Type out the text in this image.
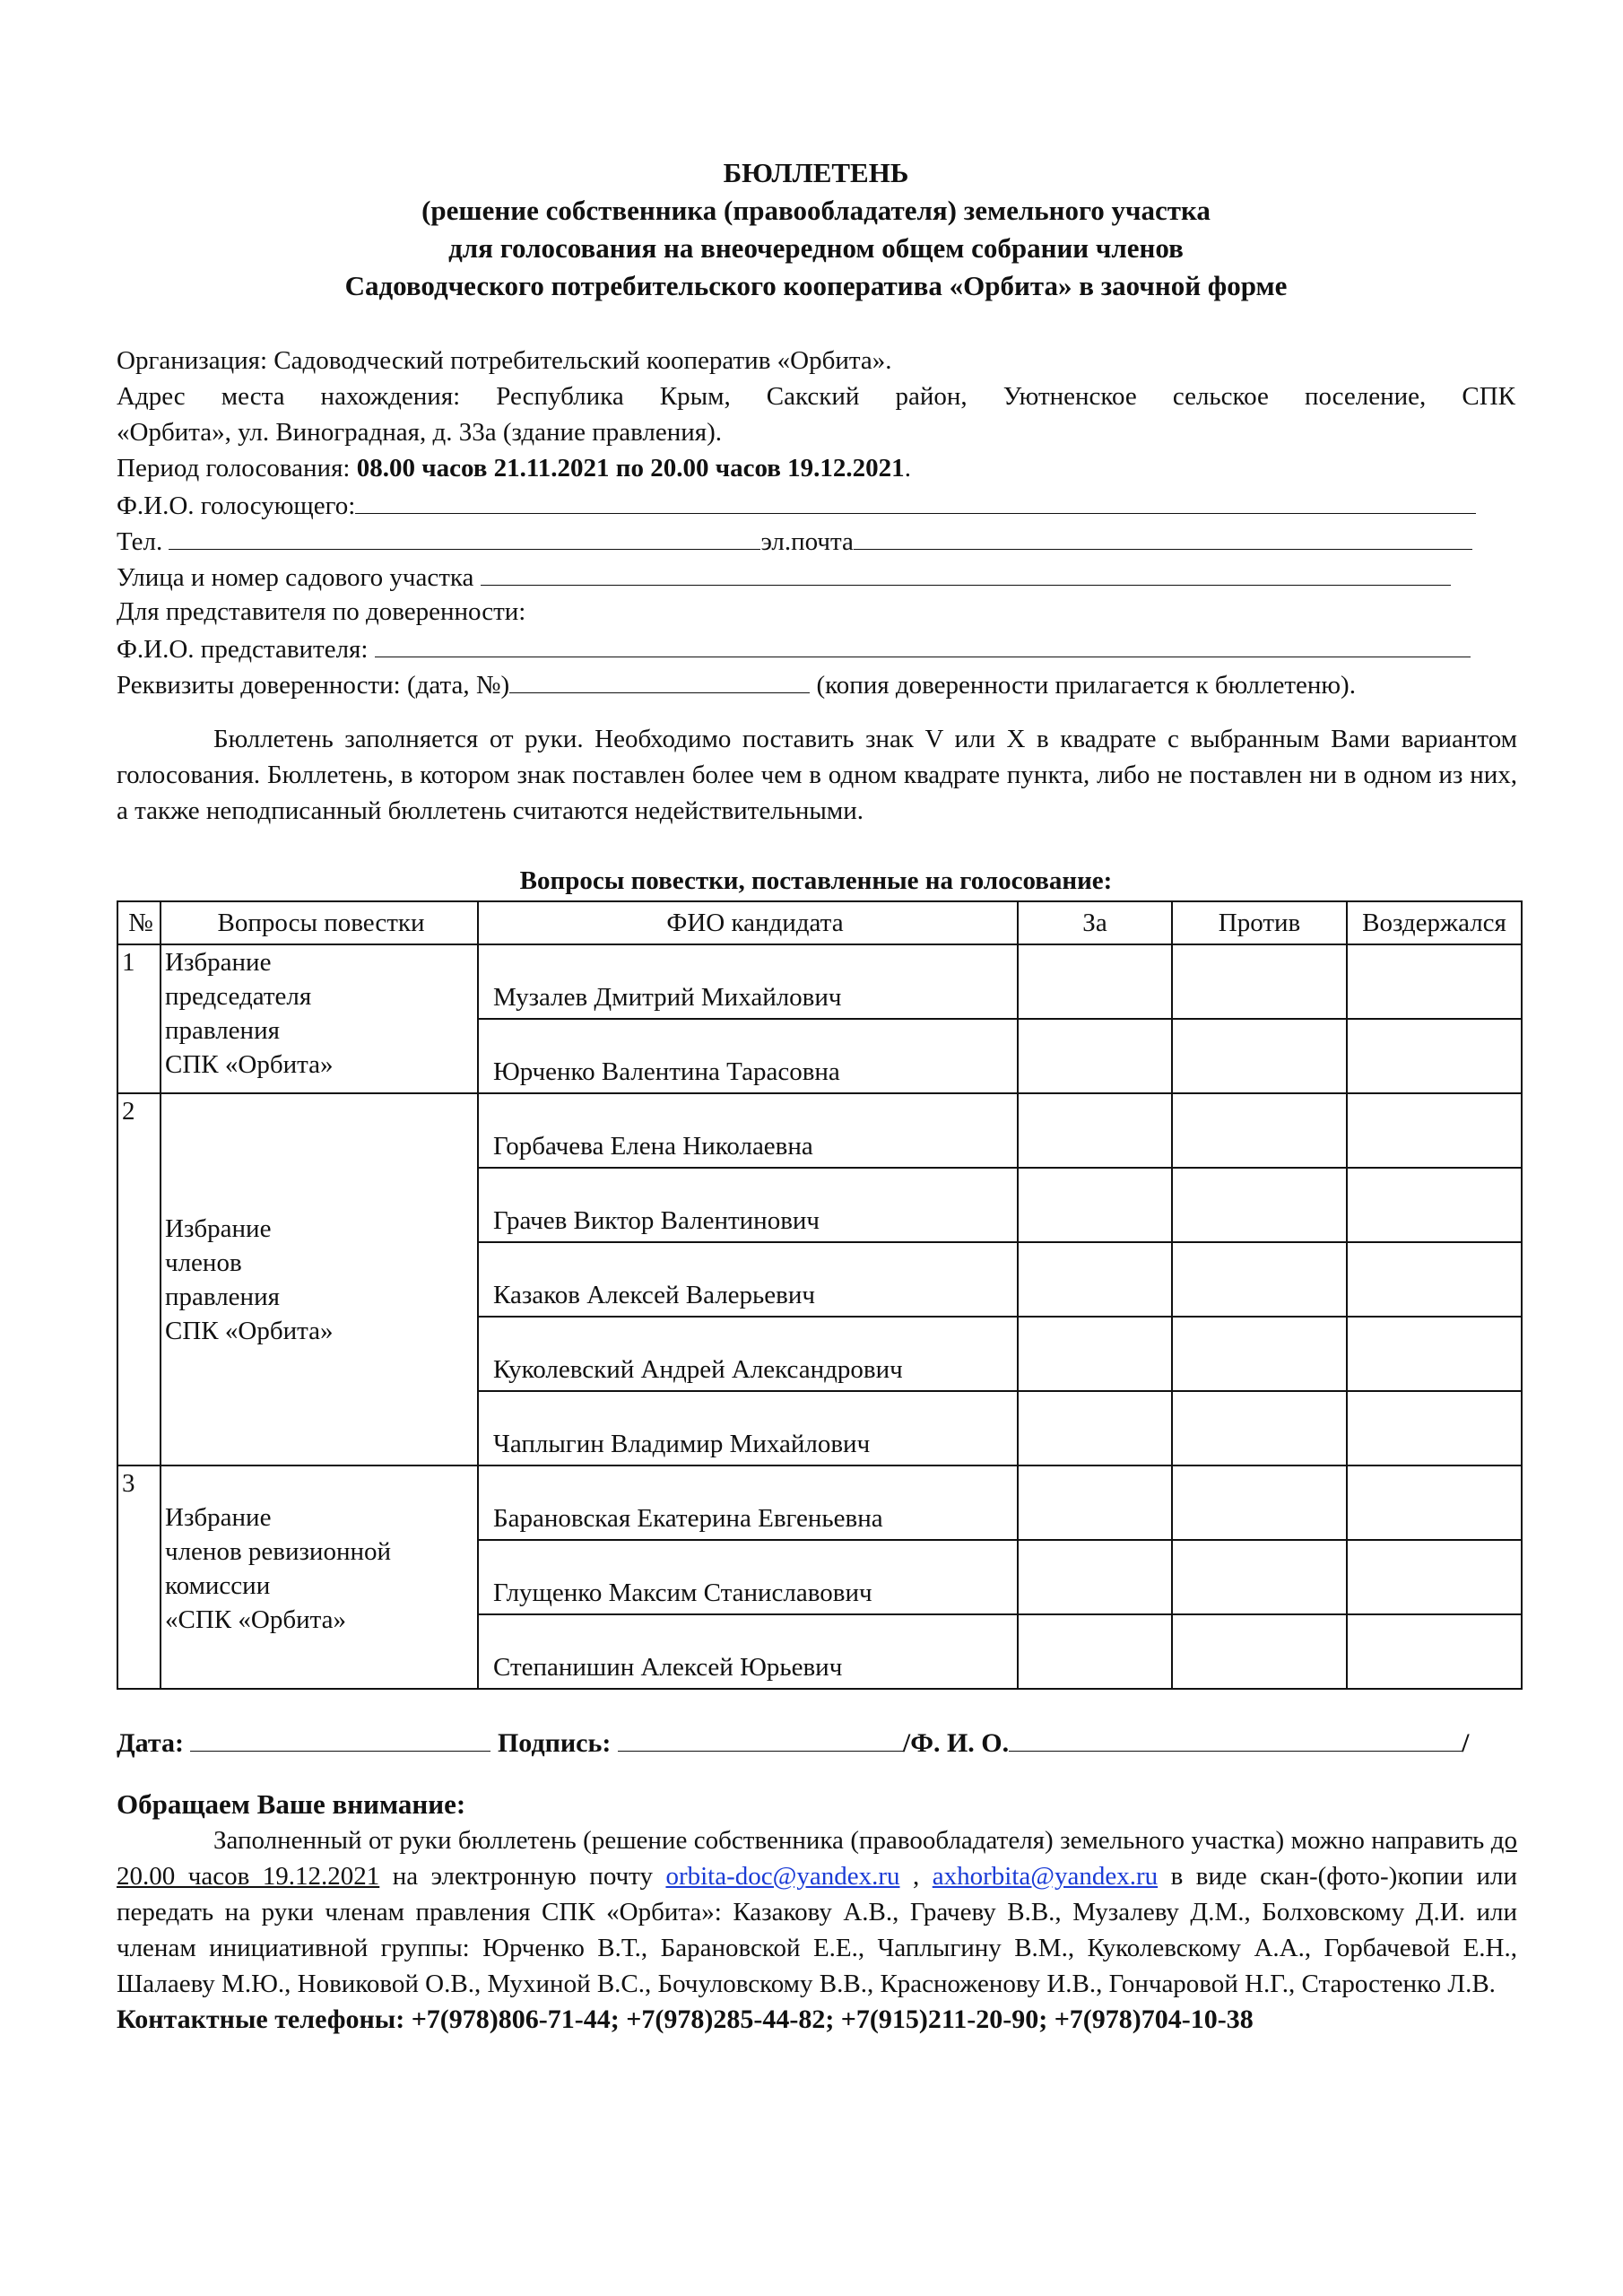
БЮЛЛЕТЕНЬ
(решение собственника (правообладателя) земельного участка
для голосования на внеочередном общем собрании членов
Садоводческого потребительского кооператива «Орбита» в заочной форме
Организация: Садоводческий потребительский кооператив «Орбита».
Адрес места нахождения: Республика Крым, Сакский район, Уютненское сельское поселение, СПК
«Орбита», ул. Виноградная, д. 33а (здание правления).
Период голосования: 08.00 часов 21.11.2021 по 20.00 часов 19.12.2021.
Ф.И.О. голосующего:
Тел.	эл.почта
Улица и номер садового участка
Для представителя по доверенности:
Ф.И.О. представителя:
Реквизиты доверенности: (дата, №)	(копия доверенности прилагается к бюллетеню).
Бюллетень заполняется от руки. Необходимо поставить знак V или X в квадрате с выбранным Вами вариантом голосования. Бюллетень, в котором знак поставлен более чем в одном квадрате пункта, либо не поставлен ни в одном из них, а также неподписанный бюллетень считаются недействительными.
Вопросы повестки, поставленные на голосование:
№	Вопросы повестки	ФИО кандидата	За	Против	Воздержался
1	Избрание
председателя
правления
СПК «Орбита»	Музалев Дмитрий Михайлович			
		Юрченко Валентина Тарасовна			
2	Избрание
членов
правления
СПК «Орбита»	Горбачева Елена Николаевна			
		Грачев Виктор Валентинович			
		Казаков Алексей Валерьевич			
		Куколевский Андрей Александрович			
		Чаплыгин Владимир Михайлович			
3	Избрание
членов ревизионной
комиссии
«СПК «Орбита»	Барановская Екатерина Евгеньевна			
		Глущенко Максим Станиславович			
		Степанишин Алексей Юрьевич			
Дата:	Подпись:	/Ф. И. О.	/
Обращаем Ваше внимание:
Заполненный от руки бюллетень (решение собственника (правообладателя) земельного участка) можно направить до 20.00 часов 19.12.2021 на электронную почту orbita-doc@yandex.ru , axhorbita@yandex.ru в виде скан-(фото-)копии или передать на руки членам правления СПК «Орбита»: Казакову А.В., Грачеву В.В., Музалеву Д.М., Болховскому Д.И. или членам инициативной группы: Юрченко В.Т., Барановской Е.Е., Чаплыгину В.М., Куколевскому А.А., Горбачевой Е.Н., Шалаеву М.Ю., Новиковой О.В., Мухиной В.С., Бочуловскому В.В., Красноженову И.В., Гончаровой Н.Г., Старостенко Л.В.
Контактные телефоны: +7(978)806-71-44; +7(978)285-44-82; +7(915)211-20-90; +7(978)704-10-38
